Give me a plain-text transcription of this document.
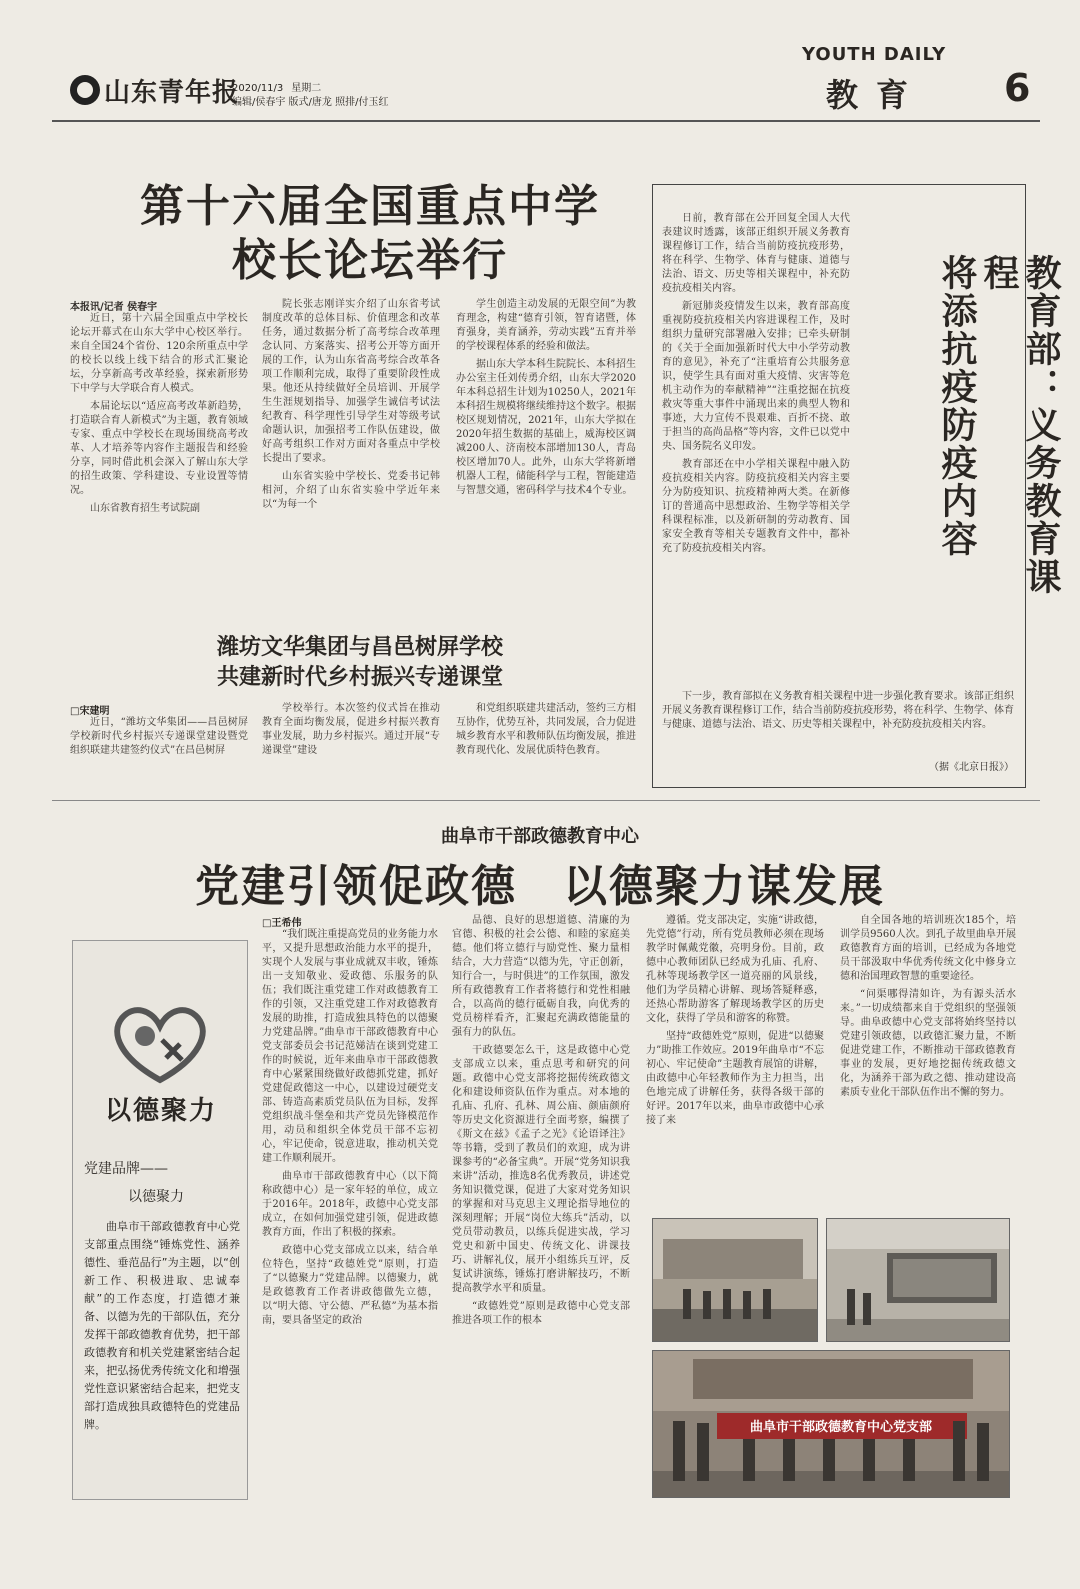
山东青年报
2020/11/3 星期二
编辑/侯春宇 版式/唐龙 照排/付玉红
YOUTH DAILY
教育 6
第十六届全国重点中学
校长论坛举行
本报讯/记者 侯春宇

近日，第十六届全国重点中学校长论坛开幕式在山东大学中心校区举行。来自全国24个省份、120余所重点中学的校长以线上线下结合的形式汇聚论坛，分享新高考改革经验，探索新形势下中学与大学联合育人模式。

本届论坛以“适应高考改革新趋势，打造联合育人新模式”为主题，教育领域专家、重点中学校长在现场围绕高考改革、人才培养等内容作主题报告和经验分享，同时借此机会深入了解山东大学的招生政策、学科建设、专业设置等情况。

山东省教育招生考试院副

院长张志刚详实介绍了山东省考试制度改革的总体目标、价值理念和改革任务，通过数据分析了高考综合改革理念认同、方案落实、招考公开等方面开展的工作，认为山东省高考综合改革各项工作顺利完成，取得了重要阶段性成果。他还从持续做好全员培训、开展学生生涯规划指导、加强学生诚信考试法纪教育、科学理性引导学生对等级考试命题认识，加强招考工作队伍建设，做好高考组织工作对方面对各重点中学校长提出了要求。

山东省实验中学校长、党委书记韩相河，介绍了山东省实验中学近年来以“为每一个

学生创造主动发展的无限空间”为教育理念，构建“德育引领，智育诸暨，体育强身，美育涵养，劳动实践”五育并举的学校课程体系的经验和做法。

据山东大学本科生院院长、本科招生办公室主任刘传勇介绍，山东大学2020年本科总招生计划为10250人，2021年本科招生规模将继续维持这个数字。根据校区规划情况，2021年，山东大学拟在2020年招生数据的基础上，威海校区调减200人、济南校本部增加130人，青岛校区增加70人。此外，山东大学将新增机器人工程，储能科学与工程，智能建造与智慧交通，密码科学与技术4个专业。

潍坊文华集团与昌邑树屏学校
共建新时代乡村振兴专递课堂
□宋建明

近日，“潍坊文华集团——昌邑树屏学校新时代乡村振兴专递课堂建设暨党组织联建共建签约仪式”在昌邑树屏

学校举行。本次签约仪式旨在推动教育全面均衡发展，促进乡村振兴教育事业发展，助力乡村振兴。通过开展“专递课堂”建设

和党组织联建共建活动，签约三方相互协作，优势互补，共同发展，合力促进城乡教育水平和教师队伍均衡发展，推进教育现代化、发展优质特色教育。

教育部：义务教育课程
将添抗疫防疫内容

日前，教育部在公开回复全国人大代表建议时透露，该部正组织开展义务教育课程修订工作，结合当前防疫抗疫形势，将在科学、生物学、体育与健康、道德与法治、语文、历史等相关课程中，补充防疫抗疫相关内容。

新冠肺炎疫情发生以来，教育部高度重视防疫抗疫相关内容进课程工作，及时组织力量研究部署融入安排；已牵头研制的《关于全面加强新时代大中小学劳动教育的意见》，补充了“注重培育公共服务意识，使学生具有面对重大疫情、灾害等危机主动作为的奉献精神”“注重挖掘在抗疫救灾等重大事件中涌现出来的典型人物和事迹，大力宣传不畏艰难、百折不挠、敢于担当的高尚品格”等内容，文件已以党中央、国务院名义印发。

教育部还在中小学相关课程中融入防疫抗疫相关内容。防疫抗疫相关内容主要分为防疫知识、抗疫精神两大类。在新修订的普通高中思想政治、生物学等相关学科课程标准，以及新研制的劳动教育、国家安全教育等相关专题教育文件中，都补充了防疫抗疫相关内容。

下一步，教育部拟在义务教育相关课程中进一步强化教育要求。该部正组织开展义务教育课程修订工作，结合当前防疫抗疫形势，将在科学、生物学、体育与健康、道德与法治、语文、历史等相关课程中，补充防疫抗疫相关内容。

（据《北京日报》）
曲阜市干部政德教育中心
党建引领促政德　以德聚力谋发展
以德聚力
党建品牌——
以德聚力

曲阜市干部政德教育中心党支部重点围绕“锤炼党性、涵养德性、垂范品行”为主题，以“创新工作、积极进取、忠诚奉献”的工作态度，打造德才兼备、以德为先的干部队伍，充分发挥干部政德教育优势，把干部政德教育和机关党建紧密结合起来，把弘扬优秀传统文化和增强党性意识紧密结合起来，把党支部打造成独具政德特色的党建品牌。

□王希伟

“我们既注重提高党员的业务能力水平，又提升思想政治能力水平的提升，实现个人发展与事业成就双丰收，锤炼出一支知敬业、爱政德、乐服务的队伍；我们既注重党建工作对政德教育工作的引领，又注重党建工作对政德教育发展的助推，打造成独具特色的以德聚力党建品牌。”曲阜市干部政德教育中心党支部委员会书记范娣洁在谈到党建工作的时候说，近年来曲阜市干部政德教育中心紧紧围绕做好政德抓党建，抓好党建促政德这一中心，以建设过硬党支部、铸造高素质党员队伍为目标，发挥党组织战斗堡垒和共产党员先锋模范作用，动员和组织全体党员干部不忘初心，牢记使命，锐意进取，推动机关党建工作顺利展开。

曲阜市干部政德教育中心（以下简称政德中心）是一家年轻的单位，成立于2016年。2018年，政德中心党支部成立，在如何加强党建引领，促进政德教育方面，作出了积极的探索。

政德中心党支部成立以来，结合单位特色，坚持“政德姓党”原则，打造了“以德聚力”党建品牌。以德聚力，就是政德教育工作者讲政德做先立德，以“明大德、守公德、严私德”为基本指南，要具备坚定的政治

品德、良好的思想道德、清廉的为官德、积极的社会公德、和睦的家庭美德。他们将立德行与励党性、聚力量相结合，大力营造“以德为先，守正创新，知行合一，与时俱进”的工作氛围，激发所有政德教育工作者将德行和党性相融合，以高尚的德行砥砺自我，向优秀的党员榜样看齐，汇聚起充满政德能量的强有力的队伍。

干政德要怎么干，这是政德中心党支部成立以来，重点思考和研究的问题。政德中心党支部将挖掘传统政德文化和建设师资队伍作为重点。对本地的孔庙、孔府、孔林、周公庙、颜庙颜府等历史文化资源进行全面考察，编撰了《斯文在兹》《孟子之光》《论语译注》等书籍，受到了教员们的欢迎，成为讲课参考的“必备宝典”。开展“党务知识我来讲”活动，推选8名优秀教员，讲述党务知识微党课，促进了大家对党务知识的掌握和对马克思主义理论指导地位的深刻理解；开展“岗位大练兵”活动，以党员带动教员，以练兵促进实战，学习党史和新中国史、传统文化、讲课技巧、讲解礼仪，展开小组练兵互评，反复试讲演练，锤炼打磨讲解技巧，不断提高教学水平和质量。

“政德姓党”原则是政德中心党支部推进各项工作的根本

遵循。党支部决定，实施“讲政德，先党德”行动，所有党员教师必须在现场教学时佩戴党徽，亮明身份。目前，政德中心教师团队已经成为孔庙、孔府、孔林等现场教学区一道亮丽的风景线，他们为学员精心讲解、现场答疑释惑，还热心帮助游客了解现场教学区的历史文化，获得了学员和游客的称赞。

坚持“政德姓党”原则，促进“以德聚力”助推工作效应。2019年曲阜市“不忘初心、牢记使命”主题教育展馆的讲解，由政德中心年轻教师作为主力担当，出色地完成了讲解任务，获得各级干部的好评。2017年以来，曲阜市政德中心承接了来

自全国各地的培训班次185个，培训学员9560人次。到孔子故里曲阜开展政德教育方面的培训，已经成为各地党员干部汲取中华优秀传统文化中修身立德和治国理政智慧的重要途径。

“问渠哪得清如许，为有源头活水来。”一切成绩都来自于党组织的坚强领导。曲阜政德中心党支部将始终坚持以党建引领政德，以政德汇聚力量，不断促进党建工作，不断推动干部政德教育事业的发展，更好地挖掘传统政德文化，为涵养干部为政之德、推动建设高素质专业化干部队伍作出不懈的努力。

曲阜市干部政德教育中心党支部
